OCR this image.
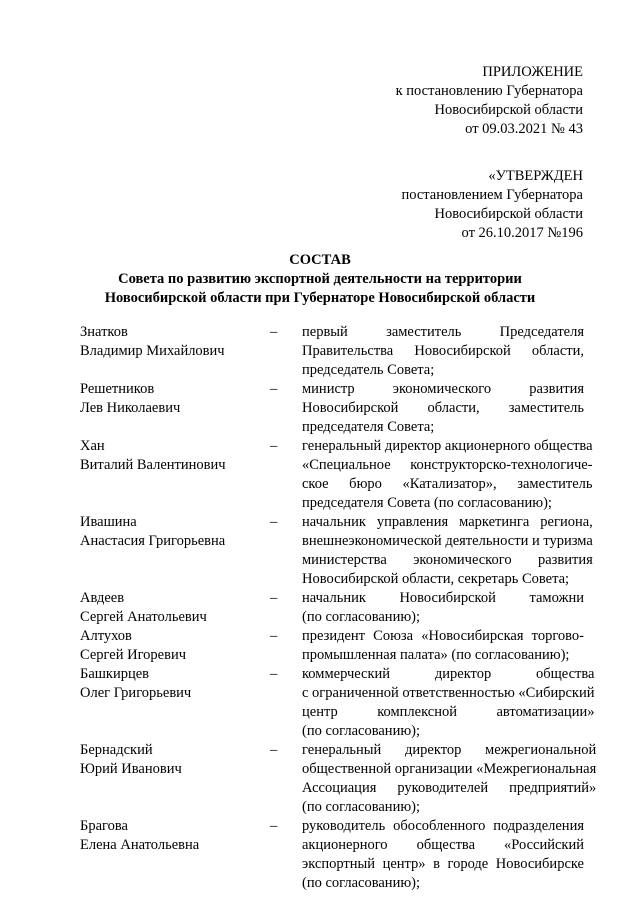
ПРИЛОЖЕНИЕ
к постановлению Губернатора
Новосибирской области
от 09.03.2021 № 43
«УТВЕРЖДЕН
постановлением Губернатора
Новосибирской области
от 26.10.2017 №196
СОСТАВ
Совета по развитию экспортной деятельности на территории
Новосибирской области при Губернаторе Новосибирской области
Знатков
Владимир Михайлович
–	первый заместитель Председателя
Правительства Новосибирской области,
председатель Совета;
Решетников
Лев Николаевич
–	министр экономического развития
Новосибирской области, заместитель
председателя Совета;
Хан
Виталий Валентинович
–	генеральный директор акционерного общества
«Специальное конструкторско-технологиче-
ское бюро «Катализатор», заместитель
председателя Совета (по согласованию);
Ивашина
Анастасия Григорьевна
–	начальник управления маркетинга региона,
внешнеэкономической деятельности и туризма
министерства экономического развития
Новосибирской области, секретарь Совета;
Авдеев
Сергей Анатольевич
–	начальник Новосибирской таможни
(по согласованию);
Алтухов
Сергей Игоревич
–	президент Союза «Новосибирская торгово-
промышленная палата» (по согласованию);
Башкирцев
Олег Григорьевич
–	коммерческий директор общества
с ограниченной ответственностью «Сибирский
центр комплексной автоматизации»
(по согласованию);
Бернадский
Юрий Иванович
–	генеральный директор межрегиональной
общественной организации «Межрегиональная
Ассоциация руководителей предприятий»
(по согласованию);
Брагова
Елена Анатольевна
–	руководитель обособленного подразделения
акционерного общества «Российский
экспортный центр» в городе Новосибирске
(по согласованию);
